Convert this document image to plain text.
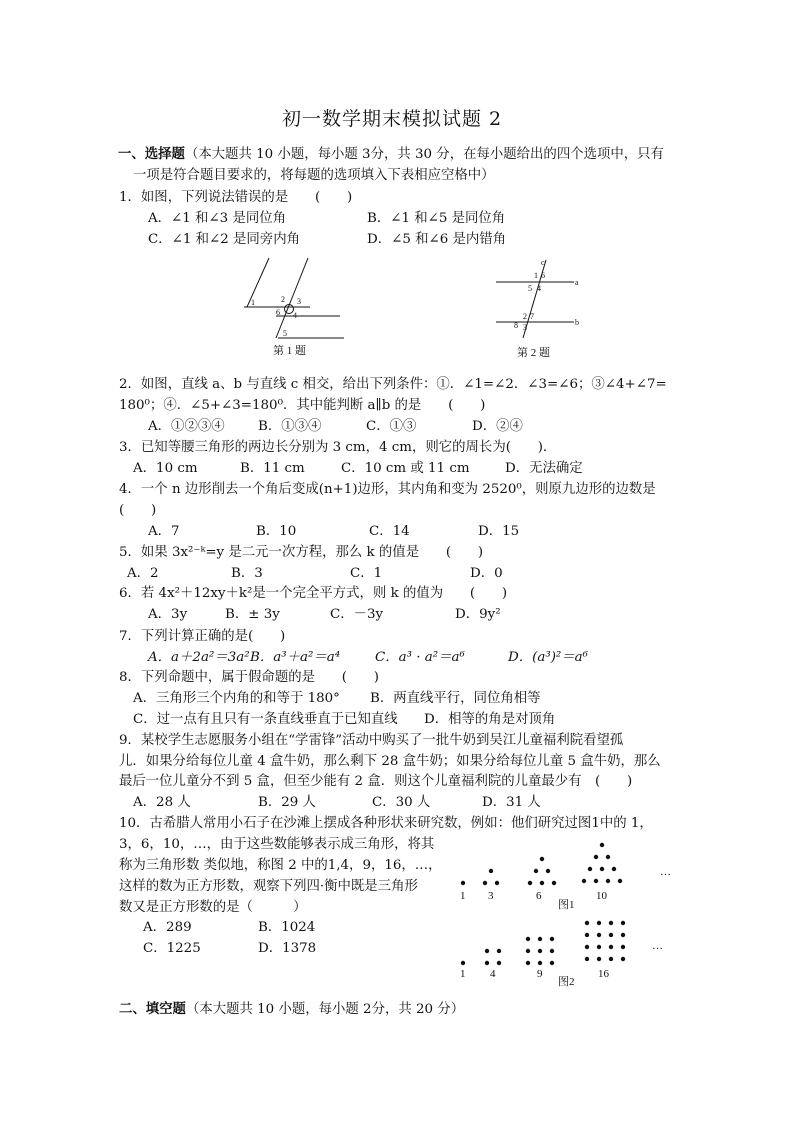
初一数学期末模拟试题 2
一、选择题（本大题共 10 小题，每小题 3分，共 30 分，在每小题给出的四个选项中，只有
一项是符合题目要求的，将每题的选项填入下表相应空格中）
1．如图，下列说法错误的是　　(　　)
A．∠1 和∠3 是同位角	B．∠1 和∠5 是同位角
C．∠1 和∠2 是同旁内角	D．∠5 和∠6 是内错角
1	2 3
4
5
6
第 1 题
a
b
c
1
2
3
4
5
6
7
8
第 2 题
2．如图，直线 a、b 与直线 c 相交，给出下列条件：①．∠1=∠2．∠3=∠6；③∠4+∠7=
180⁰；④．∠5+∠3=180⁰．其中能判断 a∥b 的是　　(　　)
A．①②③④ B．①③④	C．①③	D．②④
3．已知等腰三角形的两边长分别为 3 cm，4 cm，则它的周长为(　　)．
A．10 cm	B．11 cm	C．10 cm 或 11 cm	D．无法确定
4．一个 n 边形削去一个角后变成(n+1)边形，其内角和变为 2520⁰，则原九边形的边数是
(　　)
A．7	B．10	C．14	D．15
5．如果 3x²⁻ᵏ=y 是二元一次方程，那么 k 的值是　　(　　)
A．2	B．3	C．1	D．0
6．若 4x²＋12xy＋k²是一个完全平方式，则 k 的值为　　(　　)
A．3y	B．± 3y	C．－3y	D．9y²
7．下列计算正确的是(　　)
A．a＋2a²＝3a² B．a³＋a²＝a⁴	C．a³ · a²＝a⁶	D．(a³)²＝a⁶
8．下列命题中，属于假命题的是　　(　　)
A．三角形三个内角的和等于 180° B．两直线平行，同位角相等
C．过一点有且只有一条直线垂直于已知直线 D．相等的角是对顶角
9．某校学生志愿服务小组在“学雷锋”活动中购买了一批牛奶到吴江儿童福利院看望孤
儿．如果分给每位儿童 4 盒牛奶，那么剩下 28 盒牛奶；如果分给每位儿童 5 盒牛奶，那么
最后一位儿童分不到 5 盒，但至少能有 2 盒．则这个儿童福利院的儿童最少有　(　　)
A．28 人	B．29 人	C．30 人	D．31 人
10．古希腊人常用小石子在沙滩上摆成各种形状来研究数，例如：他们研究过图1中的 1，
3，6，10，…，由于这些数能够表示成三角形，将其
称为三角形数 类似地，称图 2 中的1,4，9，16，…，
这样的数为正方形数，观察下列四·衡中既是三角形
数又是正方形数的是（　　　）
A．289	B．1024
C．1225	D．1378
1 3	6	10
…
图1
1 4	9	16
…
图2
二、填空题（本大题共 10 小题，每小题 2分，共 20 分）
